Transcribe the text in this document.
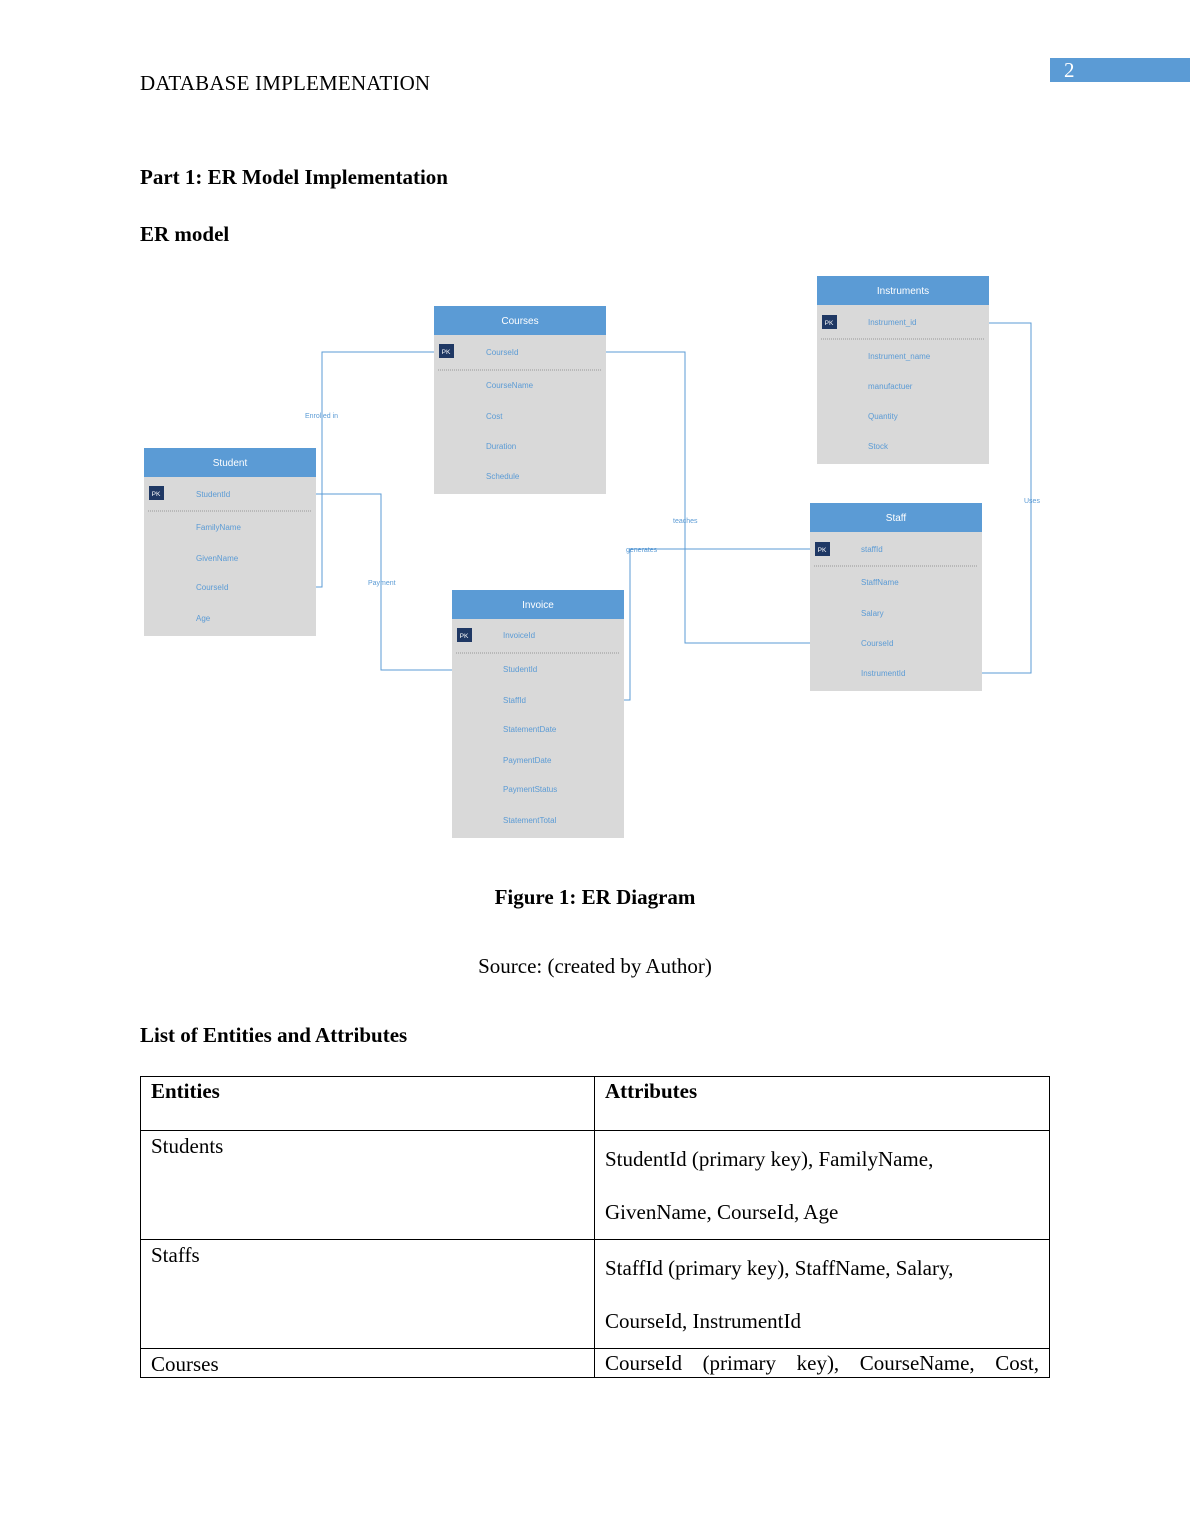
2
DATABASE IMPLEMENATION
Part 1: ER Model Implementation
ER model
Courses
PK	CourseId
CourseName
Cost
Duration
Schedule
Instruments
PK	Instrument_id
Instrument_name
manufactuer
Quantity
Stock
Student
PK	StudentId
FamilyName
GivenName
CourseId
Age
Invoice
PK	InvoiceId
StudentId
StaffId
StatementDate
PaymentDate
PaymentStatus
StatementTotal
Staff
PK	staffId
StaffName
Salary
CourseId
InstrumentId
Enrolled in
Payment
teaches
generates
Uses
Figure 1: ER Diagram
Source: (created by Author)
List of Entities and Attributes
Entities	Attributes

Students	StudentId (primary key), FamilyName, GivenName, CourseId, Age

Staffs	StaffId (primary key), StaffName, Salary, CourseId, InstrumentId

Courses	CourseId (primary key), CourseName, Cost,
